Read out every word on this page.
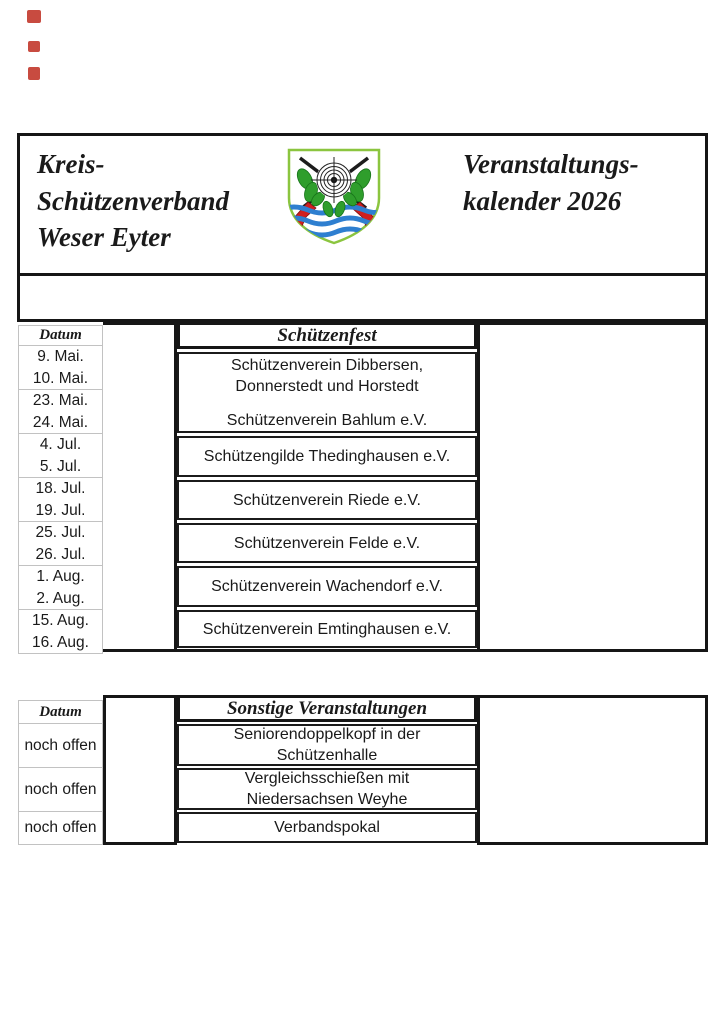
Kreis-
Schützenverband
Weser Eyter
Veranstaltungs-
kalender 2026
Datum
9. Mai.
10. Mai.
23. Mai.
24. Mai.
4. Jul.
5. Jul.
18. Jul.
19. Jul.
25. Jul.
26. Jul.
1. Aug.
2. Aug.
15. Aug.
16. Aug.
Schützenfest
Schützenverein Dibbersen,
Donnerstedt und Horstedt
Schützenverein Bahlum e.V.
Schützengilde Thedinghausen e.V.
Schützenverein Riede e.V.
Schützenverein Felde e.V.
Schützenverein Wachendorf e.V.
Schützenverein Emtinghausen e.V.
Datum
noch offen
noch offen
noch offen
Sonstige Veranstaltungen
Seniorendoppelkopf in der
Schützenhalle
Vergleichsschießen mit
Niedersachsen Weyhe
Verbandspokal
